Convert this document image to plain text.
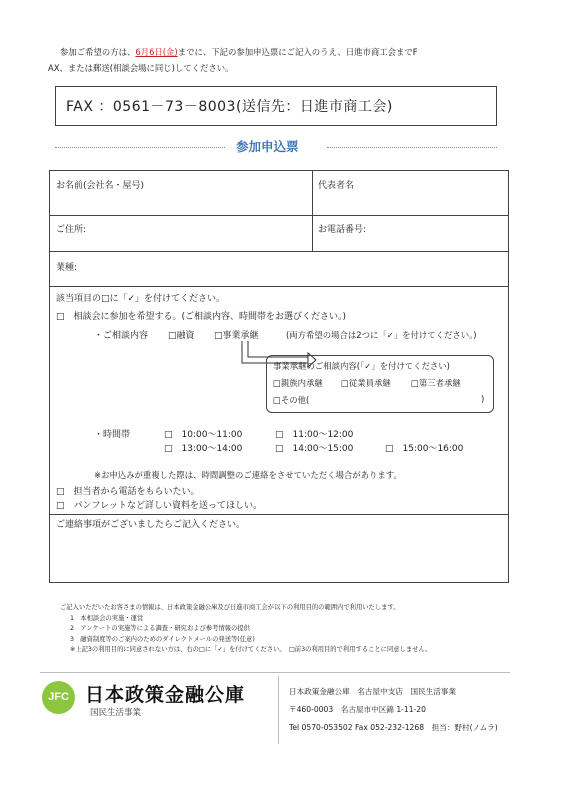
参加ご希望の方は、6月6日(金)までに、下記の参加申込票にご記入のうえ、日進市商工会までF
AX、または郵送(相談会場に同じ)してください。
FAX ：0561－73－8003(送信先：日進市商工会)
参加申込票
お名前(会社名・屋号)	代表者名
ご住所:	お電話番号:
業種:
該当項目の□に「✓」を付けてください。
□　相談会に参加を希望する。(ご相談内容、時間帯をお選びください。)
・ご相談内容 □融資 □事業承継	(両方希望の場合は2つに「✓」を付けてください。)
事業承継のご相談内容(「✓」を付けてください)
□親族内承継 □従業員承継 □第三者承継
□その他(	)
・時間帯	□　10:00〜11:00	□　11:00〜12:00
□　13:00〜14:00	□　14:00〜15:00	□　15:00〜16:00
※お申込みが重複した際は、時間調整のご連絡をさせていただく場合があります。
□　担当者から電話をもらいたい。
□　パンフレットなど詳しい資料を送ってほしい。
ご連絡事項がございましたらご記入ください。
ご記入いただいたお客さまの情報は、日本政策金融公庫及び日進市商工会が以下の利用目的の範囲内で利用いたします。
1　本相談会の実施・運営
2　アンケートの実施等による調査・研究および参考情報の提供
3　融資制度等のご案内のためのダイレクトメールの発送等(任意)
※上記3の利用目的に同意されない方は、右の□に「✓」を付けてください。　□前3の利用目的で利用することに同意しません。
JFC 日本政策金融公庫
国民生活事業
日本政策金融公庫　名古屋中支店　国民生活事業
〒460-0003　名古屋市中区錦 1-11-20
Tel 0570-053502 Fax 052-232-1268　担当：野村(ノムラ)
